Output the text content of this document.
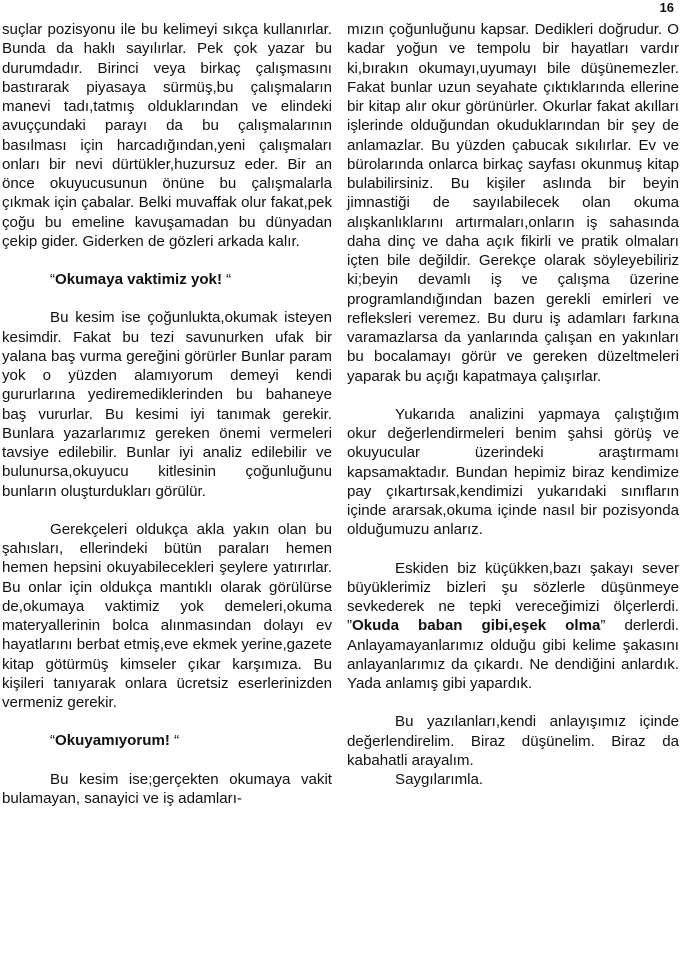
16

suçlar pozisyonu ile bu kelimeyi sıkça kullanırlar. Bunda da haklı sayılırlar. Pek çok yazar bu durumdadır. Birinci veya birkaç çalışmasını bastırarak piyasaya sürmüş,bu çalışmaların manevi tadı,tatmış olduklarından ve elindeki avuççundaki parayı da bu çalışmalarının basılması için harcadığından,yeni çalışmaları onları bir nevi dürtükler,huzursuz eder. Bir an önce okuyucusunun önüne bu çalışmalarla çıkmak için çabalar. Belki muvaffak olur fakat,pek çoğu bu emeline kavuşamadan bu dünyadan çekip gider. Giderken de gözleri arkada kalır.

“Okumaya vaktimiz yok! “

Bu kesim ise çoğunlukta,okumak isteyen kesimdir. Fakat bu tezi savunurken ufak bir yalana baş vurma gereğini görürler Bunlar param yok o yüzden alamıyorum demeyi kendi gururlarına yediremediklerinden bu bahaneye baş vururlar. Bu kesimi iyi tanımak gerekir. Bunlara yazarlarımız gereken önemi vermeleri tavsiye edilebilir. Bunlar iyi analiz edilebilir ve bulunursa,okuyucu kitlesinin çoğunluğunu bunların oluşturdukları görülür.

Gerekçeleri oldukça akla yakın olan bu şahısları, ellerindeki bütün paraları hemen hemen hepsini okuyabilecekleri şeylere yatırırlar. Bu onlar için oldukça mantıklı olarak görülürse de,okumaya vaktimiz yok demeleri,okuma materyallerinin bolca alınmasından dolayı ev hayatlarını berbat etmiş,eve ekmek yerine,gazete kitap götürmüş kimseler çıkar karşımıza. Bu kişileri tanıyarak onlara ücretsiz eserlerinizden vermeniz gerekir.

“Okuyamıyorum! “

Bu kesim ise;gerçekten okumaya vakit bulamayan, sanayici ve iş adamları-

mızın çoğunluğunu kapsar. Dedikleri doğrudur. O kadar yoğun ve tempolu bir hayatları vardır ki,bırakın okumayı,uyumayı bile düşünemezler. Fakat bunlar uzun seyahate çıktıklarında ellerine bir kitap alır okur görünürler. Okurlar fakat akılları işlerinde olduğundan okuduklarından bir şey de anlamazlar. Bu yüzden çabucak sıkılırlar. Ev ve bürolarında onlarca birkaç sayfası okunmuş kitap bulabilirsiniz. Bu kişiler aslında bir beyin jimnastiği de sayılabilecek olan okuma alışkanlıklarını artırmaları,onların iş sahasında daha dinç ve daha açık fikirli ve pratik olmaları içten bile değildir. Gerekçe olarak söyleyebiliriz ki;beyin devamlı iş ve çalışma üzerine programlandığından bazen gerekli emirleri ve refleksleri veremez. Bu duru iş adamları farkına varamazlarsa da yanlarında çalışan en yakınları bu bocalamayı görür ve gereken düzeltmeleri yaparak bu açığı kapatmaya çalışırlar.

Yukarıda analizini yapmaya çalıştığım okur değerlendirmeleri benim şahsi görüş ve okuyucular üzerindeki araştırmamı kapsamaktadır. Bundan hepimiz biraz kendimize pay çıkartırsak,kendimizi yukarıdaki sınıfların içinde ararsak,okuma içinde nasıl bir pozisyonda olduğumuzu anlarız.

Eskiden biz küçükken,bazı şakayı sever büyüklerimiz bizleri şu sözlerle düşünmeye sevkederek ne tepki vereceğimizi ölçerlerdi. ”Okuda baban gibi,eşek olma” derlerdi. Anlayamayanlarımız olduğu gibi kelime şakasını anlayanlarımız da çıkardı. Ne dendiğini anlardık. Yada anlamış gibi yapardık.

Bu yazılanları,kendi anlayışımız içinde değerlendirelim. Biraz düşünelim. Biraz da kabahatli arayalım.

Saygılarımla.
